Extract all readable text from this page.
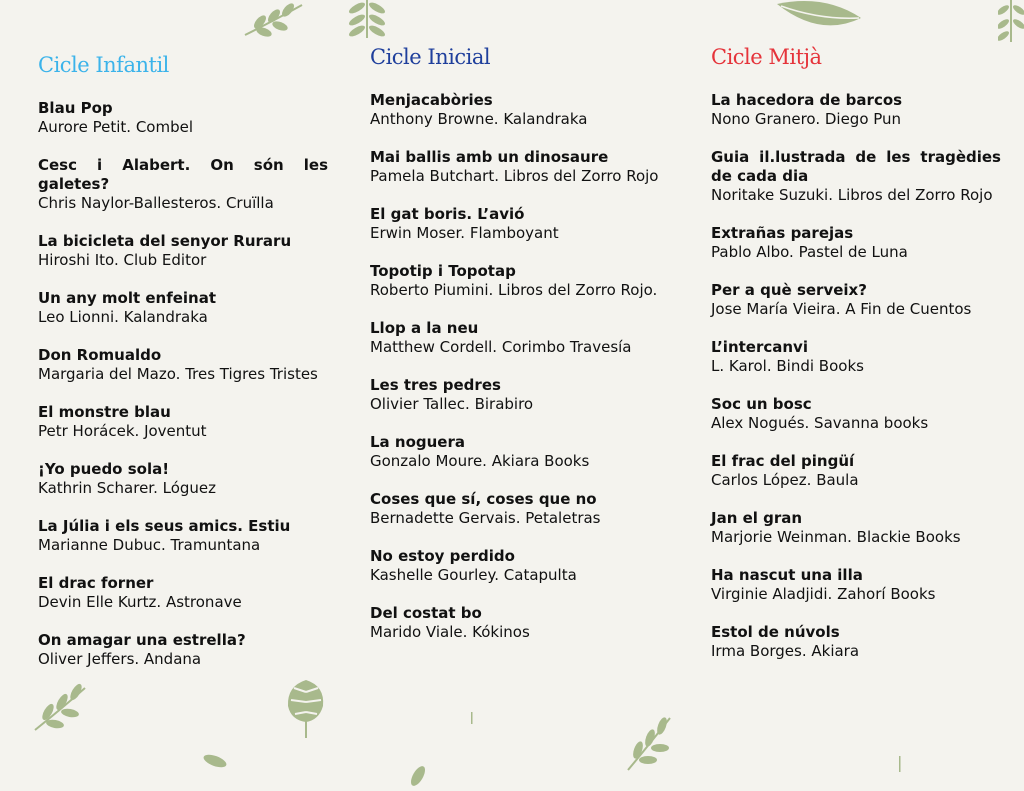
Cicle Infantil
Blau Pop
Aurore Petit. Combel
Cesc i Alabert. On són les galetes?
Chris Naylor-Ballesteros. Cruïlla
La bicicleta del senyor Ruraru
Hiroshi Ito. Club Editor
Un any molt enfeinat
Leo Lionni. Kalandraka
Don Romualdo
Margaria del Mazo. Tres Tigres Tristes
El monstre blau
Petr Horácek. Joventut
¡Yo puedo sola!
Kathrin Scharer. Lóguez
La Júlia i els seus amics. Estiu
Marianne Dubuc. Tramuntana
El drac forner
Devin Elle Kurtz. Astronave
On amagar una estrella?
Oliver Jeffers. Andana
Cicle Inicial
Menjacabòries
Anthony Browne. Kalandraka
Mai ballis amb un dinosaure
Pamela Butchart. Libros del Zorro Rojo
El gat boris. L’avió
Erwin Moser. Flamboyant
Topotip i Topotap
Roberto Piumini. Libros del Zorro Rojo.
Llop a la neu
Matthew Cordell. Corimbo Travesía
Les tres pedres
Olivier Tallec. Birabiro
La noguera
Gonzalo Moure. Akiara Books
Coses que sí, coses que no
Bernadette Gervais. Petaletras
No estoy perdido
Kashelle Gourley. Catapulta
Del costat bo
Marido Viale. Kókinos
Cicle Mitjà
La hacedora de barcos
Nono Granero. Diego Pun
Guia il.lustrada de les tragèdies de cada dia
Noritake Suzuki. Libros del Zorro Rojo
Extrañas parejas
Pablo Albo. Pastel de Luna
Per a què serveix?
Jose María Vieira. A Fin de Cuentos
L’intercanvi
L. Karol. Bindi Books
Soc un bosc
Alex Nogués. Savanna books
El frac del pingüí
Carlos López. Baula
Jan el gran
Marjorie Weinman. Blackie Books
Ha nascut una illa
Virginie Aladjidi. Zahorí Books
Estol de núvols
Irma Borges. Akiara
